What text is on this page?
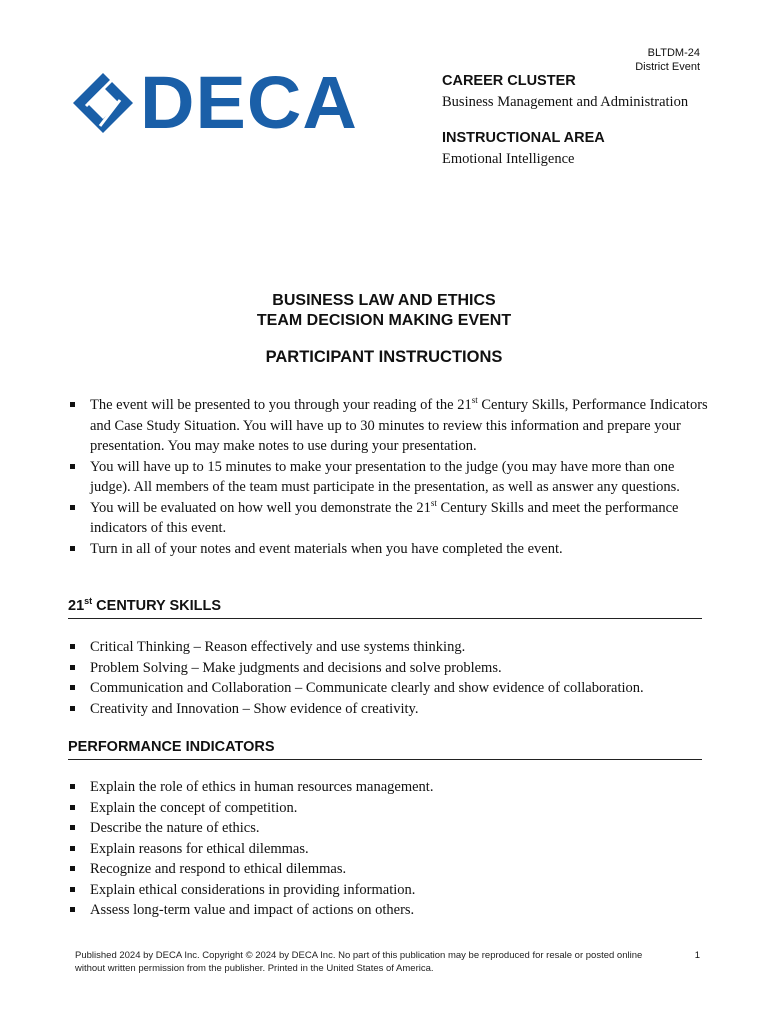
BLTDM-24
District Event
DECA	CAREER CLUSTER

Business Management and Administration

INSTRUCTIONAL AREA

Emotional Intelligence

BUSINESS LAW AND ETHICS
TEAM DECISION MAKING EVENT
PARTICIPANT INSTRUCTIONS
The event will be presented to you through your reading of the 21st Century Skills, Performance Indicators and Case Study Situation. You will have up to 30 minutes to review this information and prepare your presentation. You may make notes to use during your presentation.
You will have up to 15 minutes to make your presentation to the judge (you may have more than one judge). All members of the team must participate in the presentation, as well as answer any questions.
You will be evaluated on how well you demonstrate the 21st Century Skills and meet the performance indicators of this event.
Turn in all of your notes and event materials when you have completed the event.
21st CENTURY SKILLS
Critical Thinking – Reason effectively and use systems thinking.
Problem Solving – Make judgments and decisions and solve problems.
Communication and Collaboration – Communicate clearly and show evidence of collaboration.
Creativity and Innovation – Show evidence of creativity.
PERFORMANCE INDICATORS
Explain the role of ethics in human resources management.
Explain the concept of competition.
Describe the nature of ethics.
Explain reasons for ethical dilemmas.
Recognize and respond to ethical dilemmas.
Explain ethical considerations in providing information.
Assess long-term value and impact of actions on others.
Published 2024 by DECA Inc. Copyright © 2024 by DECA Inc. No part of this publication may be reproduced for resale or posted online without written permission from the publisher. Printed in the United States of America.
1
